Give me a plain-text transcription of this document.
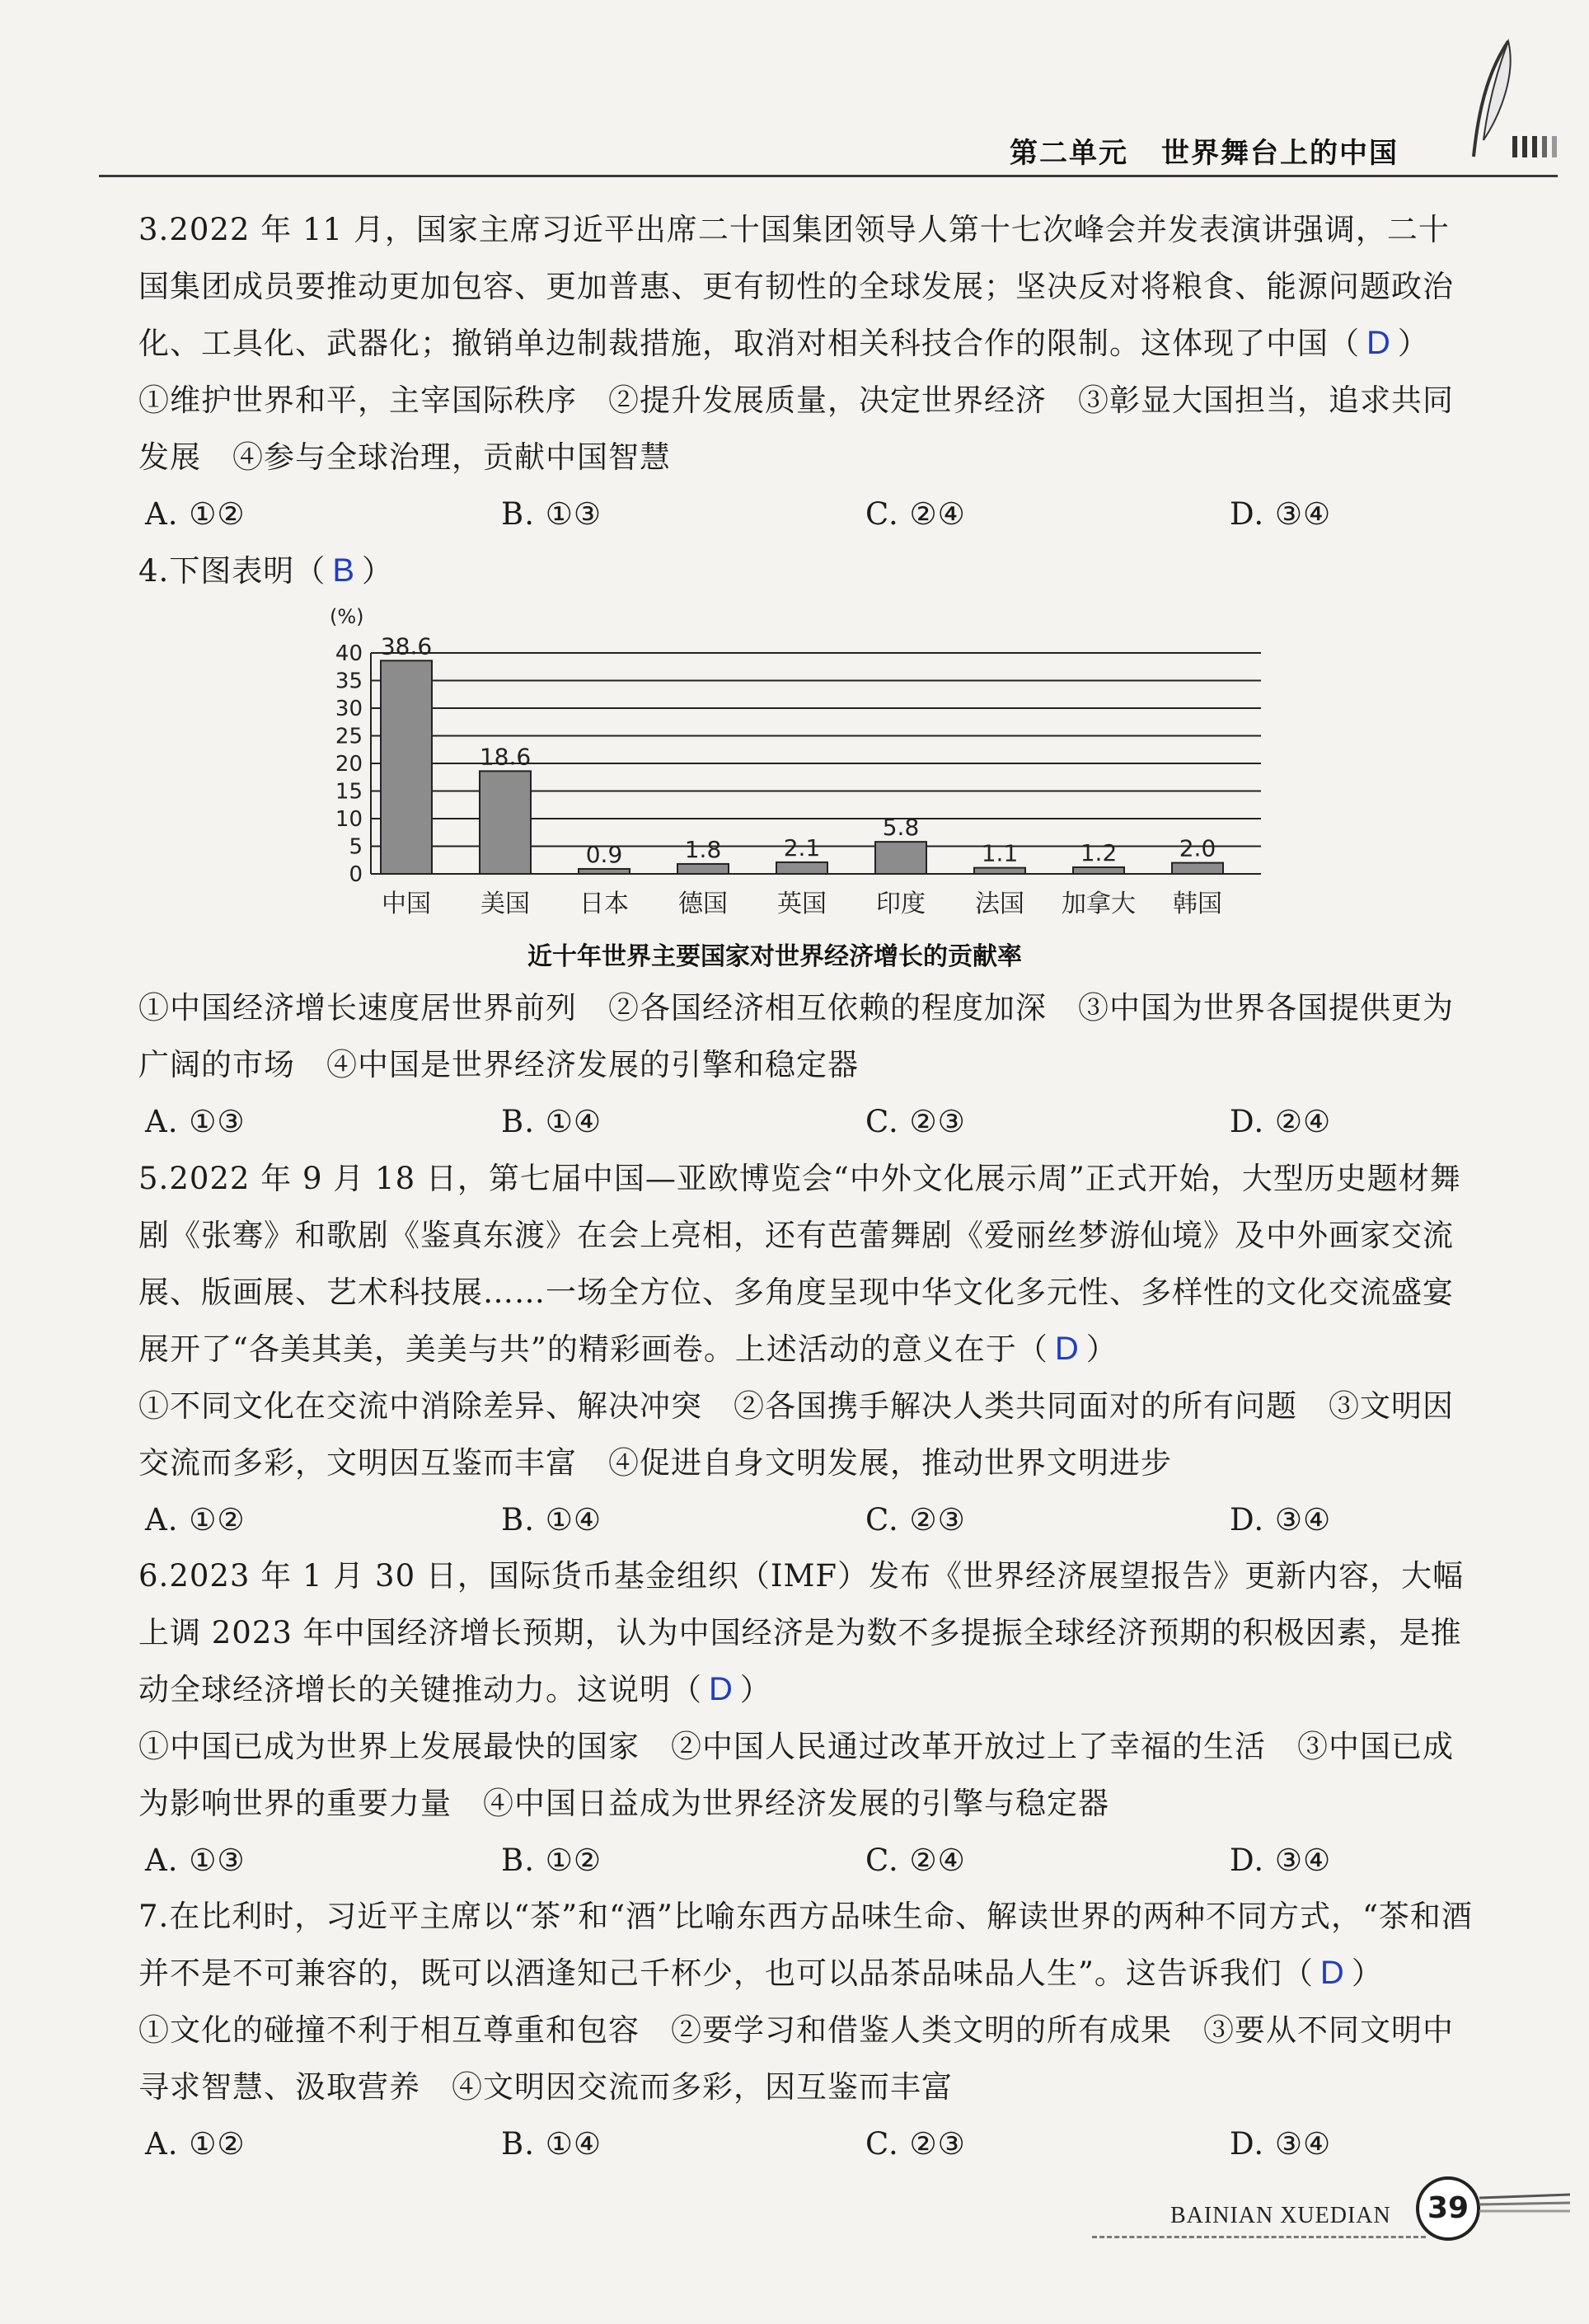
第二单元 世界舞台上的中国

3.2022 年 11 月，国家主席习近平出席二十国集团领导人第十七次峰会并发表演讲强调，二十国集团成员要推动更加包容、更加普惠、更有韧性的全球发展；坚决反对将粮食、能源问题政治化、工具化、武器化；撤销单边制裁措施，取消对相关科技合作的限制。这体现了中国（ D ）

①维护世界和平，主宰国际秩序　②提升发展质量，决定世界经济　③彰显大国担当，追求共同发展　④参与全球治理，贡献中国智慧

A. ①②	B. ①③	C. ②④	D. ③④

4.下图表明（ B ）

(%)
0
5
10
15
20
25
30
35
40 38.6
中国
18.6
美国
0.9
日本
1.8
德国
2.1
英国
5.8
印度
1.1
法国
1.2
加拿大
2.0
韩国
近十年世界主要国家对世界经济增长的贡献率

①中国经济增长速度居世界前列　②各国经济相互依赖的程度加深　③中国为世界各国提供更为广阔的市场　④中国是世界经济发展的引擎和稳定器

A. ①③	B. ①④	C. ②③	D. ②④

5.2022 年 9 月 18 日，第七届中国—亚欧博览会“中外文化展示周”正式开始，大型历史题材舞剧《张骞》和歌剧《鉴真东渡》在会上亮相，还有芭蕾舞剧《爱丽丝梦游仙境》及中外画家交流展、版画展、艺术科技展……一场全方位、多角度呈现中华文化多元性、多样性的文化交流盛宴展开了“各美其美，美美与共”的精彩画卷。上述活动的意义在于（ D ）

①不同文化在交流中消除差异、解决冲突　②各国携手解决人类共同面对的所有问题　③文明因交流而多彩，文明因互鉴而丰富　④促进自身文明发展，推动世界文明进步

A. ①②	B. ①④	C. ②③	D. ③④

6.2023 年 1 月 30 日，国际货币基金组织（IMF）发布《世界经济展望报告》更新内容，大幅上调 2023 年中国经济增长预期，认为中国经济是为数不多提振全球经济预期的积极因素，是推动全球经济增长的关键推动力。这说明（ D ）

①中国已成为世界上发展最快的国家　②中国人民通过改革开放过上了幸福的生活　③中国已成为影响世界的重要力量　④中国日益成为世界经济发展的引擎与稳定器

A. ①③	B. ①②	C. ②④	D. ③④

7.在比利时，习近平主席以“茶”和“酒”比喻东西方品味生命、解读世界的两种不同方式，“茶和酒并不是不可兼容的，既可以酒逢知己千杯少，也可以品茶品味品人生”。这告诉我们（ D ）

①文化的碰撞不利于相互尊重和包容　②要学习和借鉴人类文明的所有成果　③要从不同文明中寻求智慧、汲取营养　④文明因交流而多彩，因互鉴而丰富

A. ①②	B. ①④	C. ②③	D. ③④
BAINIAN XUEDIAN	39
